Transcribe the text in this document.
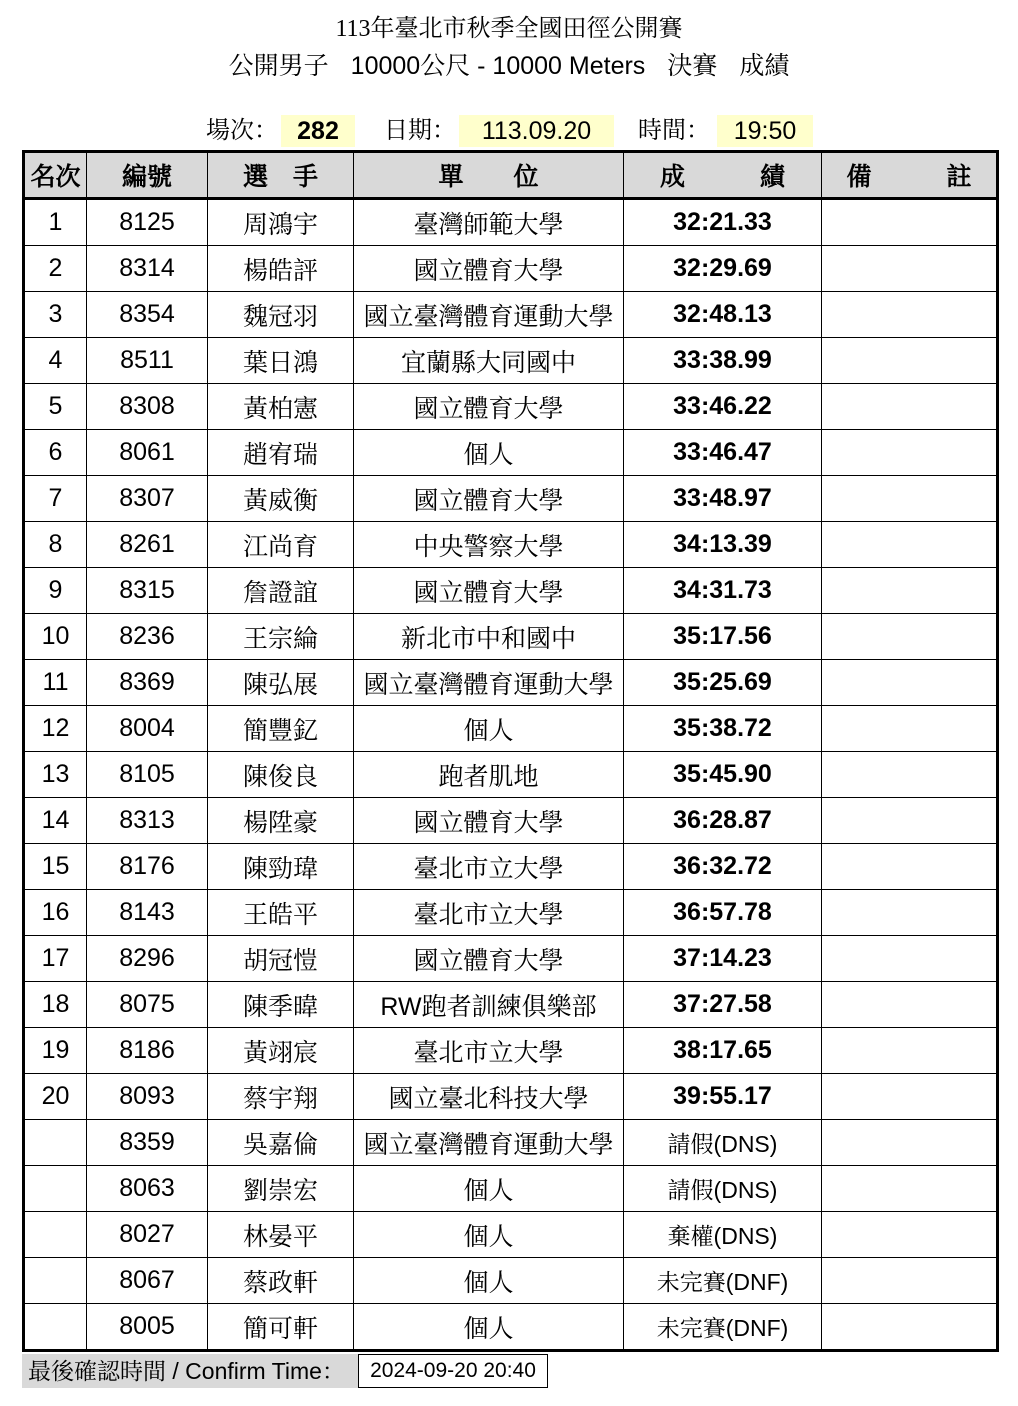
113年臺北市秋季全國田徑公開賽
公開男子 10000公尺 - 10000 Meters 決賽 成績
場次： 282	日期：	113.09.20	時間： 19:50
名次	編號	選　手	單　　位	成　　　績	備　　　註
1	8125	周鴻宇	臺灣師範大學	32:21.33	
2	8314	楊皓評	國立體育大學	32:29.69	
3	8354	魏冠羽	國立臺灣體育運動大學	32:48.13	
4	8511	葉日鴻	宜蘭縣大同國中	33:38.99	
5	8308	黃柏憲	國立體育大學	33:46.22	
6	8061	趙宥瑞	個人	33:46.47	
7	8307	黃威衡	國立體育大學	33:48.97	
8	8261	江尚育	中央警察大學	34:13.39	
9	8315	詹證誼	國立體育大學	34:31.73	
10	8236	王宗綸	新北市中和國中	35:17.56	
11	8369	陳弘展	國立臺灣體育運動大學	35:25.69	
12	8004	簡豐釔	個人	35:38.72	
13	8105	陳俊良	跑者肌地	35:45.90	
14	8313	楊陞豪	國立體育大學	36:28.87	
15	8176	陳勁瑋	臺北市立大學	36:32.72	
16	8143	王皓平	臺北市立大學	36:57.78	
17	8296	胡冠愷	國立體育大學	37:14.23	
18	8075	陳季暐	RW跑者訓練俱樂部	37:27.58	
19	8186	黃翊宸	臺北市立大學	38:17.65	
20	8093	蔡宇翔	國立臺北科技大學	39:55.17	
	8359	吳嘉倫	國立臺灣體育運動大學	請假(DNS)	
	8063	劉崇宏	個人	請假(DNS)	
	8027	林晏平	個人	棄權(DNS)	
	8067	蔡政軒	個人	未完賽(DNF)	
	8005	簡可軒	個人	未完賽(DNF)	
最後確認時間 / Confirm Time：	2024-09-20 20:40
